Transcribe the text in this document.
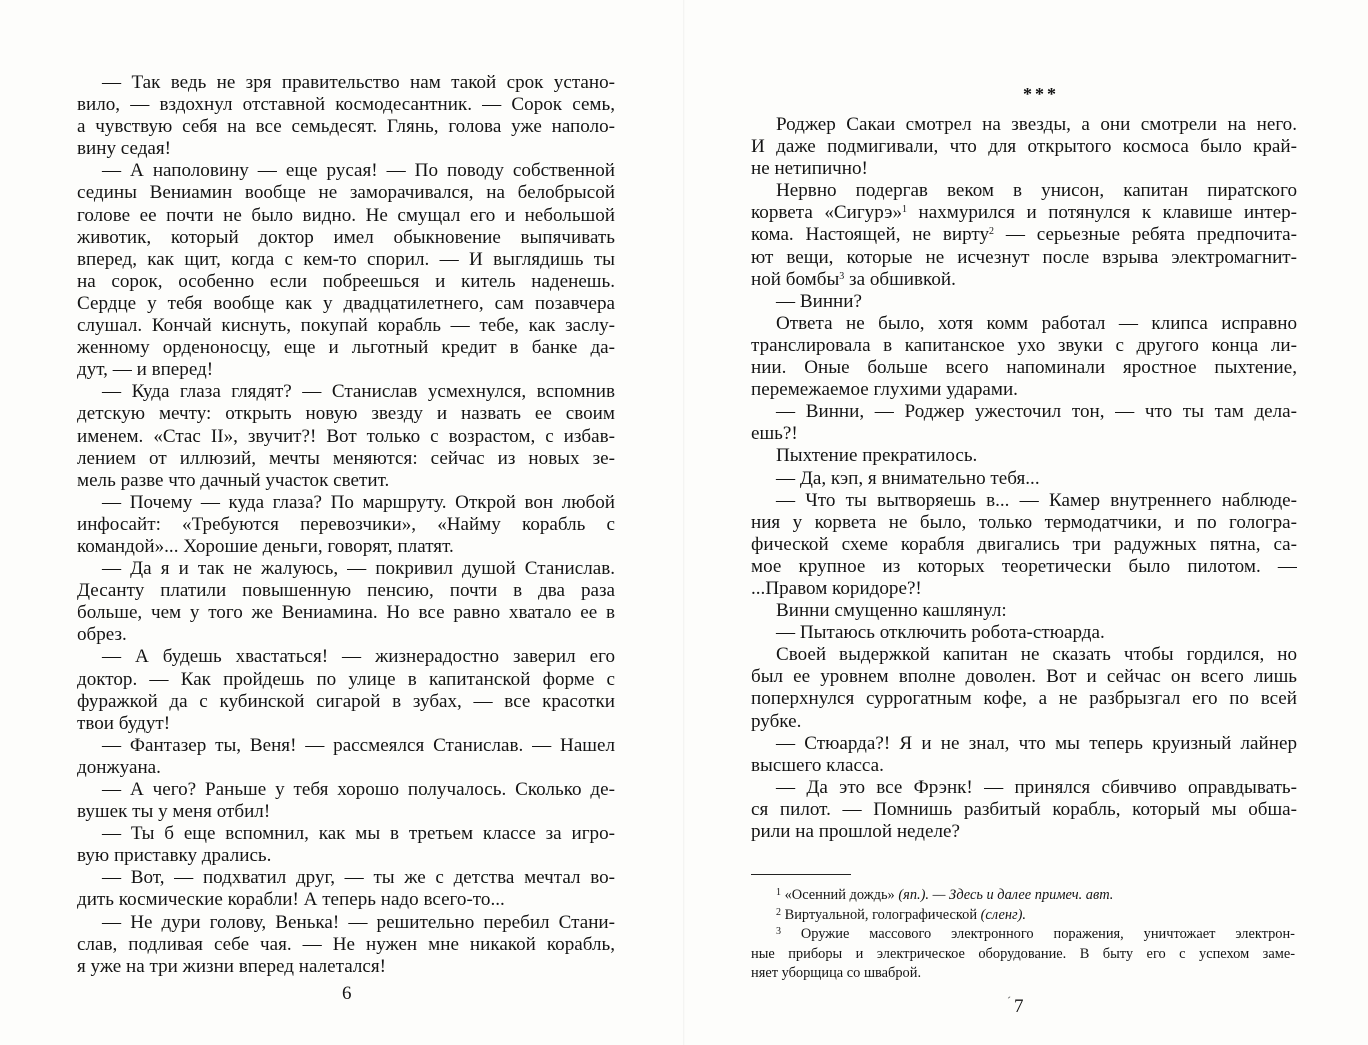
— Так ведь не зря правительство нам такой срок устано-
вило, — вздохнул отставной космодесантник. — Сорок семь,
а чувствую себя на все семьдесят. Глянь, голова уже наполо-
вину седая!
— А наполовину — еще русая! — По поводу собственной
седины Вениамин вообще не заморачивался, на белобрысой
голове ее почти не было видно. Не смущал его и небольшой
животик, который доктор имел обыкновение выпячивать
вперед, как щит, когда с кем-то спорил. — И выглядишь ты
на сорок, особенно если побреешься и китель наденешь.
Сердце у тебя вообще как у двадцатилетнего, сам позавчера
слушал. Кончай киснуть, покупай корабль — тебе, как заслу-
женному орденоносцу, еще и льготный кредит в банке да-
дут, — и вперед!
— Куда глаза глядят? — Станислав усмехнулся, вспомнив
детскую мечту: открыть новую звезду и назвать ее своим
именем. «Стас II», звучит?! Вот только с возрастом, с избав-
лением от иллюзий, мечты меняются: сейчас из новых зе-
мель разве что дачный участок светит.
— Почему — куда глаза? По маршруту. Открой вон любой
инфосайт: «Требуются перевозчики», «Найму корабль с
командой»... Хорошие деньги, говорят, платят.
— Да я и так не жалуюсь, — покривил душой Станислав.
Десанту платили повышенную пенсию, почти в два раза
больше, чем у того же Вениамина. Но все равно хватало ее в
обрез.
— А будешь хвастаться! — жизнерадостно заверил его
доктор. — Как пройдешь по улице в капитанской форме с
фуражкой да с кубинской сигарой в зубах, — все красотки
твои будут!
— Фантазер ты, Веня! — рассмеялся Станислав. — Нашел
донжуана.
— А чего? Раньше у тебя хорошо получалось. Сколько де-
вушек ты у меня отбил!
— Ты б еще вспомнил, как мы в третьем классе за игро-
вую приставку дрались.
— Вот, — подхватил друг, — ты же с детства мечтал во-
дить космические корабли! А теперь надо всего-то...
— Не дури голову, Венька! — решительно перебил Стани-
слав, подливая себе чая. — Не нужен мне никакой корабль,
я уже на три жизни вперед налетался!
6
***
Роджер Сакаи смотрел на звезды, а они смотрели на него.
И даже подмигивали, что для открытого космоса было край-
не нетипично!
Нервно подергав веком в унисон, капитан пиратского
корвета «Сигурэ»$^1$ нахмурился и потянулся к клавише интер-
кома. Настоящей, не вирту$^2$ — серьезные ребята предпочита-
ют вещи, которые не исчезнут после взрыва электромагнит-
ной бомбы$^3$ за обшивкой.
— Винни?
Ответа не было, хотя комм работал — клипса исправно
транслировала в капитанское ухо звуки с другого конца ли-
нии. Оные больше всего напоминали яростное пыхтение,
перемежаемое глухими ударами.
— Винни, — Роджер ужесточил тон, — что ты там дела-
ешь?!
Пыхтение прекратилось.
— Да, кэп, я внимательно тебя...
— Что ты вытворяешь в... — Камер внутреннего наблюде-
ния у корвета не было, только термодатчики, и по гологра-
фической схеме корабля двигались три радужных пятна, са-
мое крупное из которых теоретически было пилотом. —
...Правом коридоре?!
Винни смущенно кашлянул:
— Пытаюсь отключить робота-стюарда.
Своей выдержкой капитан не сказать чтобы гордился, но
был ее уровнем вполне доволен. Вот и сейчас он всего лишь
поперхнулся суррогатным кофе, а не разбрызгал его по всей
рубке.
— Стюарда?! Я и не знал, что мы теперь круизный лайнер
высшего класса.
— Да это все Фрэнк! — принялся сбивчиво оправдывать-
ся пилот. — Помнишь разбитый корабль, который мы обша-
рили на прошлой неделе?
$^1$ «Осенний дождь» (яп.). — Здесь и далее примеч. авт.
$^2$ Виртуальной, голографической (сленг).
$^3$ Оружие массового электронного поражения, уничтожает электрон-
ные приборы и электрическое оборудование. В быту его с успехом заме-
няет уборщица со шваброй.
ˊ 7
